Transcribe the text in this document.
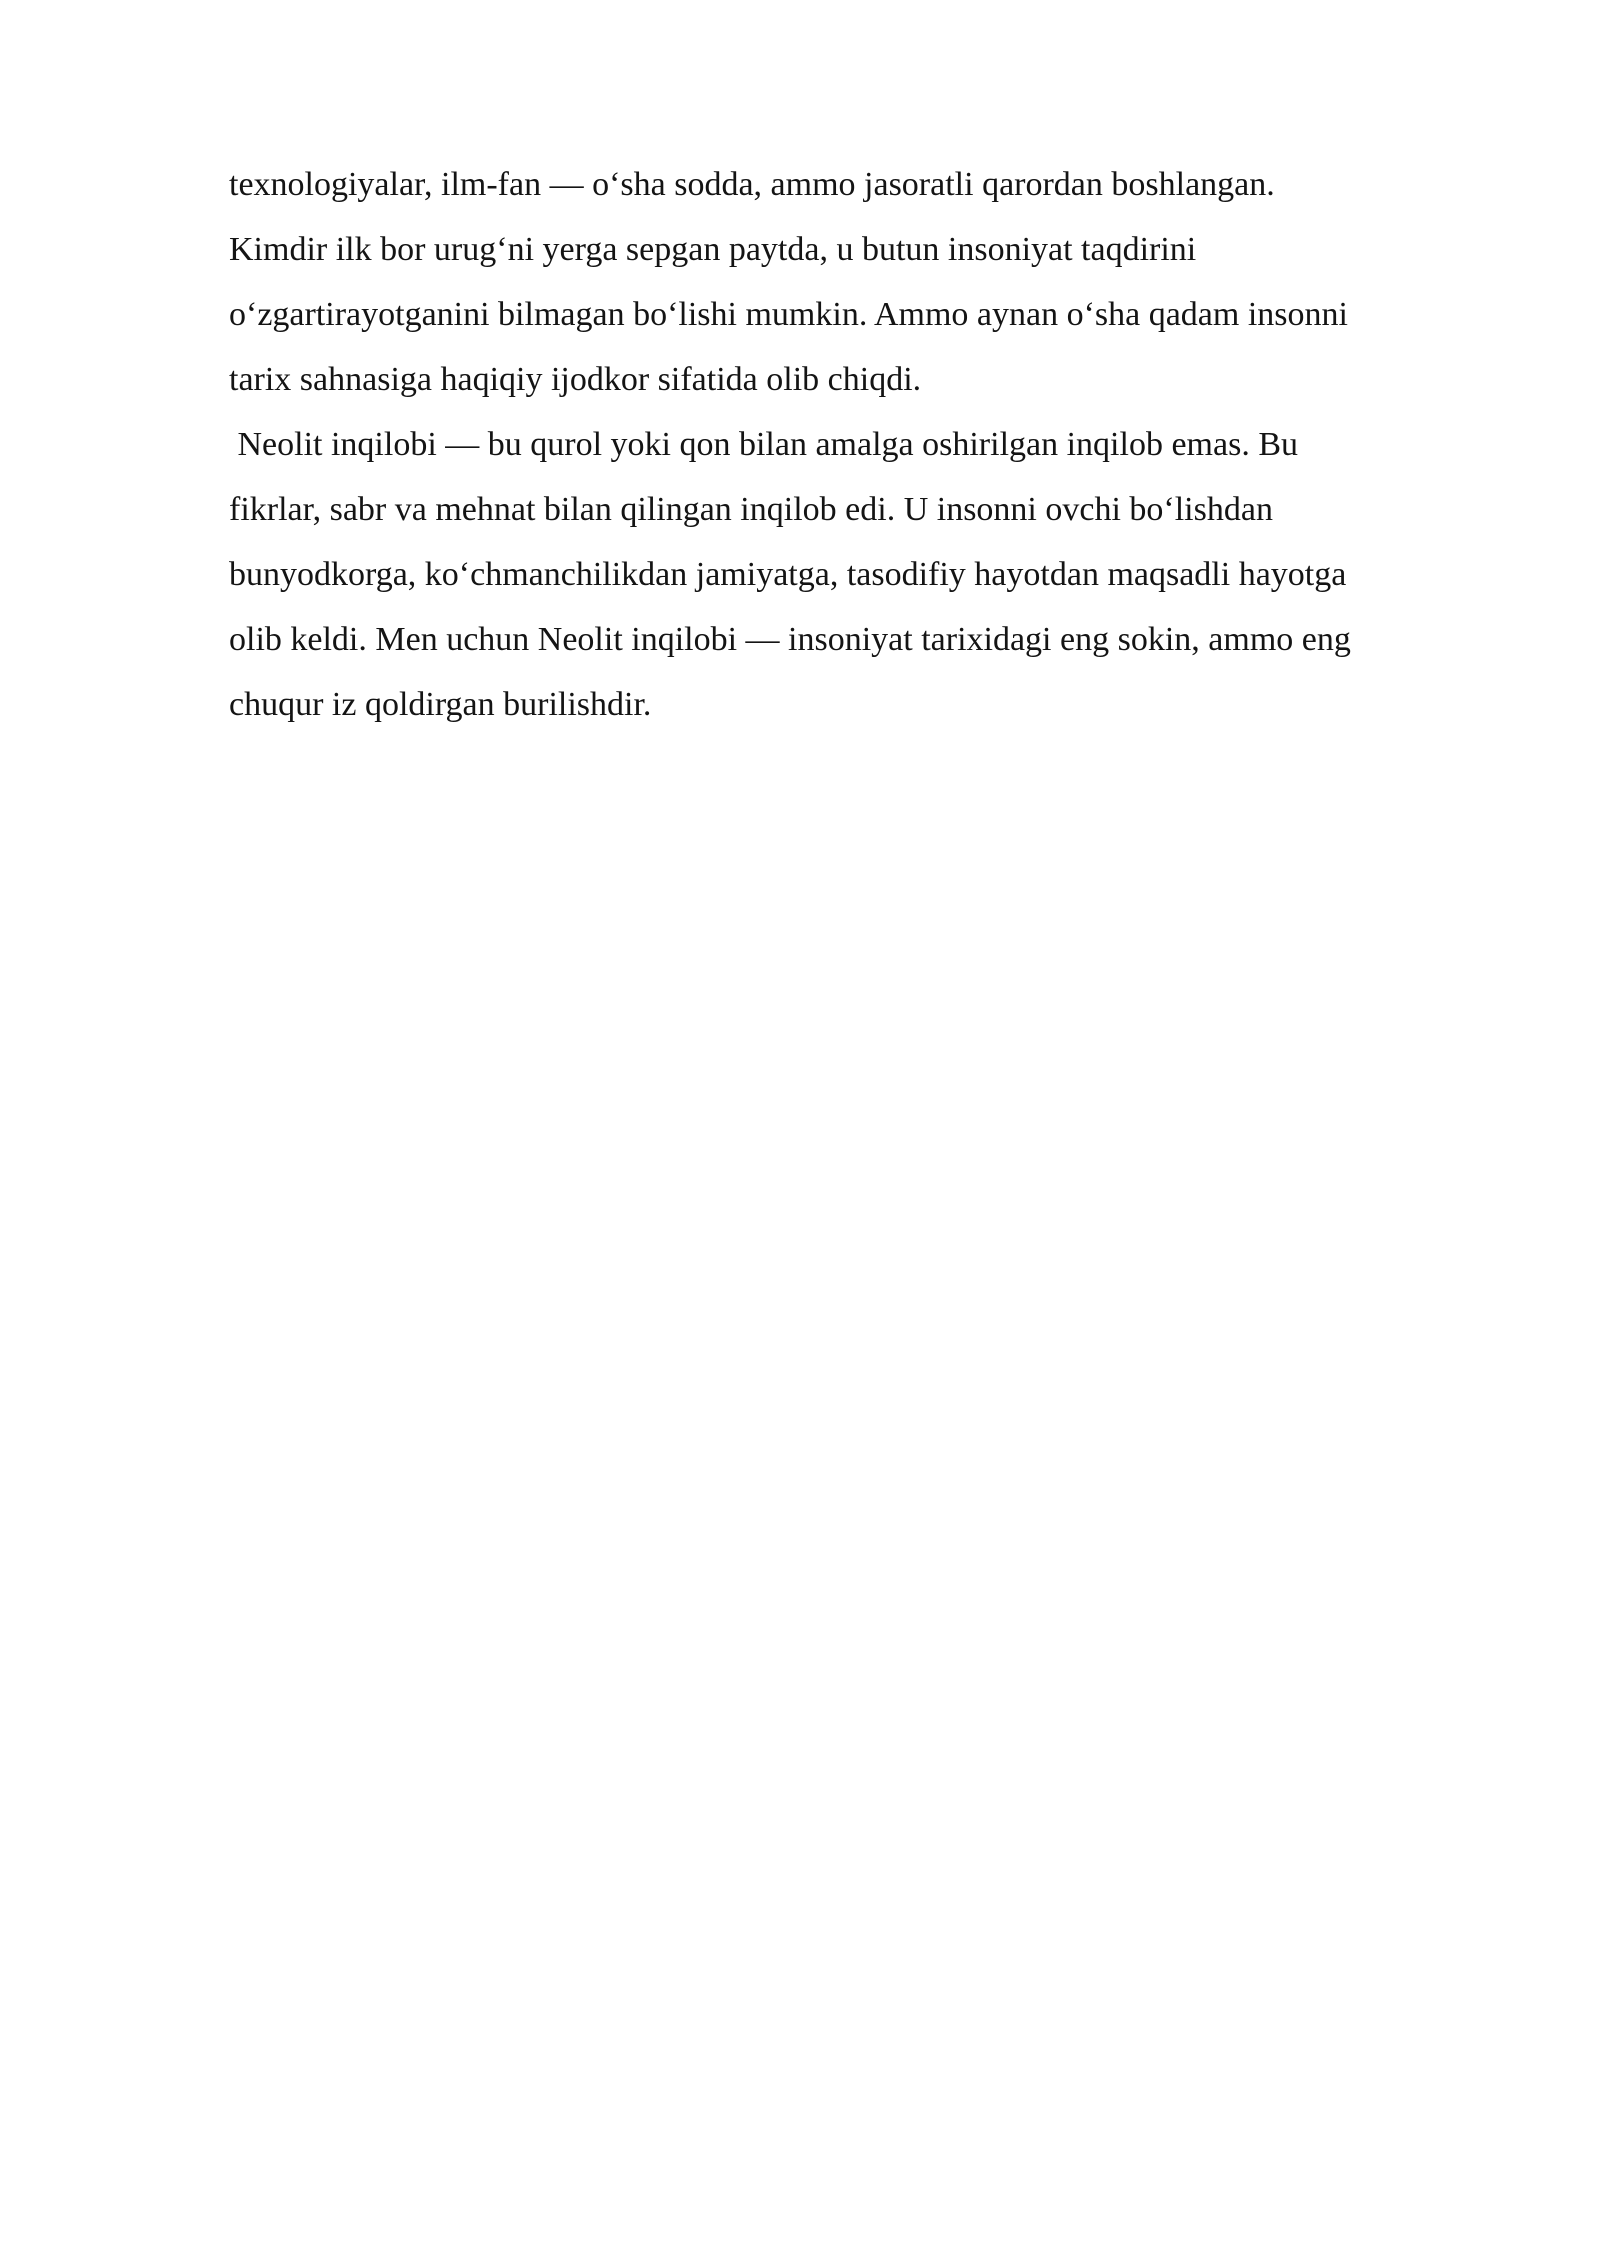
texnologiyalar, ilm-fan — o‘sha sodda, ammo jasoratli qarordan boshlangan.
Kimdir ilk bor urug‘ni yerga sepgan paytda, u butun insoniyat taqdirini
o‘zgartirayotganini bilmagan bo‘lishi mumkin. Ammo aynan o‘sha qadam insonni
tarix sahnasiga haqiqiy ijodkor sifatida olib chiqdi.
Neolit inqilobi — bu qurol yoki qon bilan amalga oshirilgan inqilob emas. Bu
fikrlar, sabr va mehnat bilan qilingan inqilob edi. U insonni ovchi bo‘lishdan
bunyodkorga, ko‘chmanchilikdan jamiyatga, tasodifiy hayotdan maqsadli hayotga
olib keldi. Men uchun Neolit inqilobi — insoniyat tarixidagi eng sokin, ammo eng
chuqur iz qoldirgan burilishdir.
